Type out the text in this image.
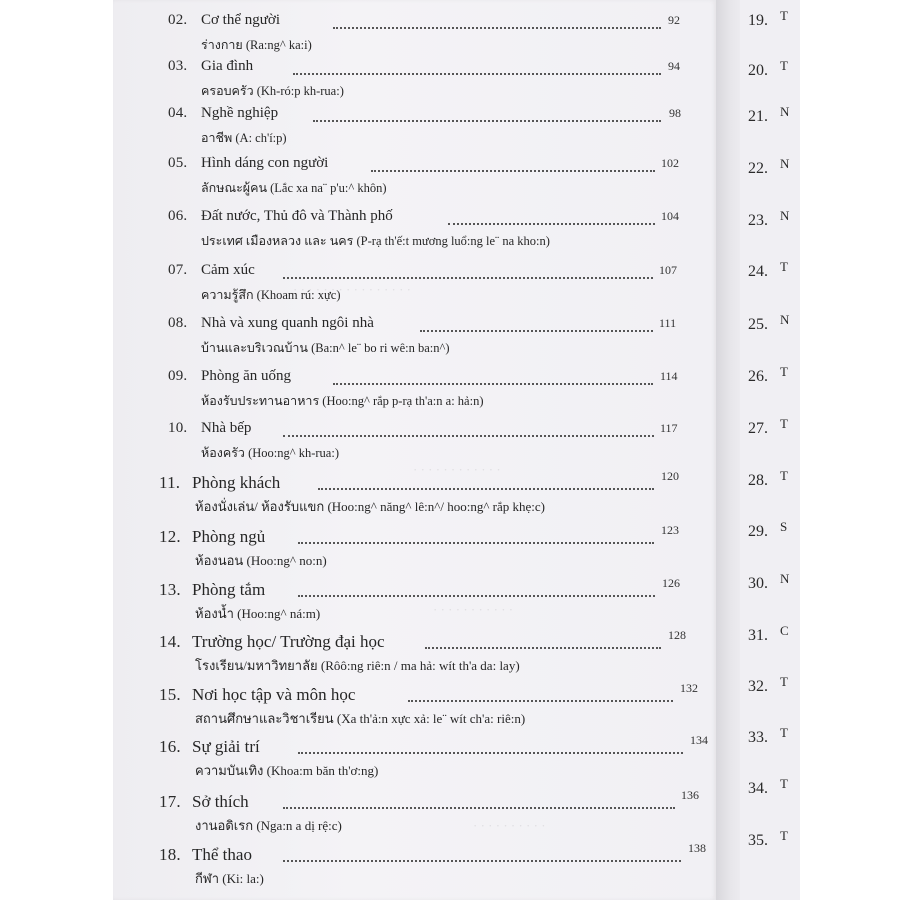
· · · · · · · · · · · · · · · ·
· · · · · · · · · · · ·
· · · · · · · · · · ·
· · · · · · · · · ·
02. Cơ thể người	92
ร่างกาย (Ra:ng^ ka:i)
03. Gia đình	94
ครอบครัว (Kh-ró:p kh-rua:)
04. Nghề nghiệp	98
อาชีพ (A: ch'í:p)
05. Hình dáng con người	102
ลักษณะผู้คน (Lắc xa na¨ p'u:^ khôn)
06. Đất nước, Thủ đô và Thành phố	104
ประเทศ เมืองหลวง และ นคร (P-rạ th'ế:t mương luổ:ng le¨ na kho:n)
07. Cảm xúc	107
ความรู้สึก (Khoam rú: xực)
08. Nhà và xung quanh ngôi nhà	111
บ้านและบริเวณบ้าน (Ba:n^ le¨ bo ri wê:n ba:n^)
09. Phòng ăn uống	114
ห้องรับประทานอาหาร (Hoo:ng^ rắp p-rạ th'a:n a: hả:n)
10. Nhà bếp	117
ห้องครัว (Hoo:ng^ kh-rua:)
11. Phòng khách	120
ห้องนั่งเล่น/ ห้องรับแขก (Hoo:ng^ năng^ lê:n^/ hoo:ng^ rắp khẹ:c)
12. Phòng ngủ	123
ห้องนอน (Hoo:ng^ no:n)
13. Phòng tắm	126
ห้องน้ำ (Hoo:ng^ ná:m)
14. Trường học/ Trường đại học	128
โรงเรียน/มหาวิทยาลัย (Rôô:ng riê:n / ma hả: wít th'a da: lay)
15. Nơi học tập và môn học	132
สถานศึกษาและวิชาเรียน (Xa th'ả:n xực xả: le¨ wít ch'a: riê:n)
16. Sự giải trí	134
ความบันเทิง (Khoa:m băn th'ơ:ng)
17. Sở thích	136
งานอดิเรก (Nga:n a dị rệ:c)
18. Thể thao	138
กีฬา (Ki: la:)
19. T
20. T
21. N
22. N
23. N
24. T
25. N
26. T
27. T
28. T
29. S
30. N
31. C
32. T
33. T
34. T
35. T
